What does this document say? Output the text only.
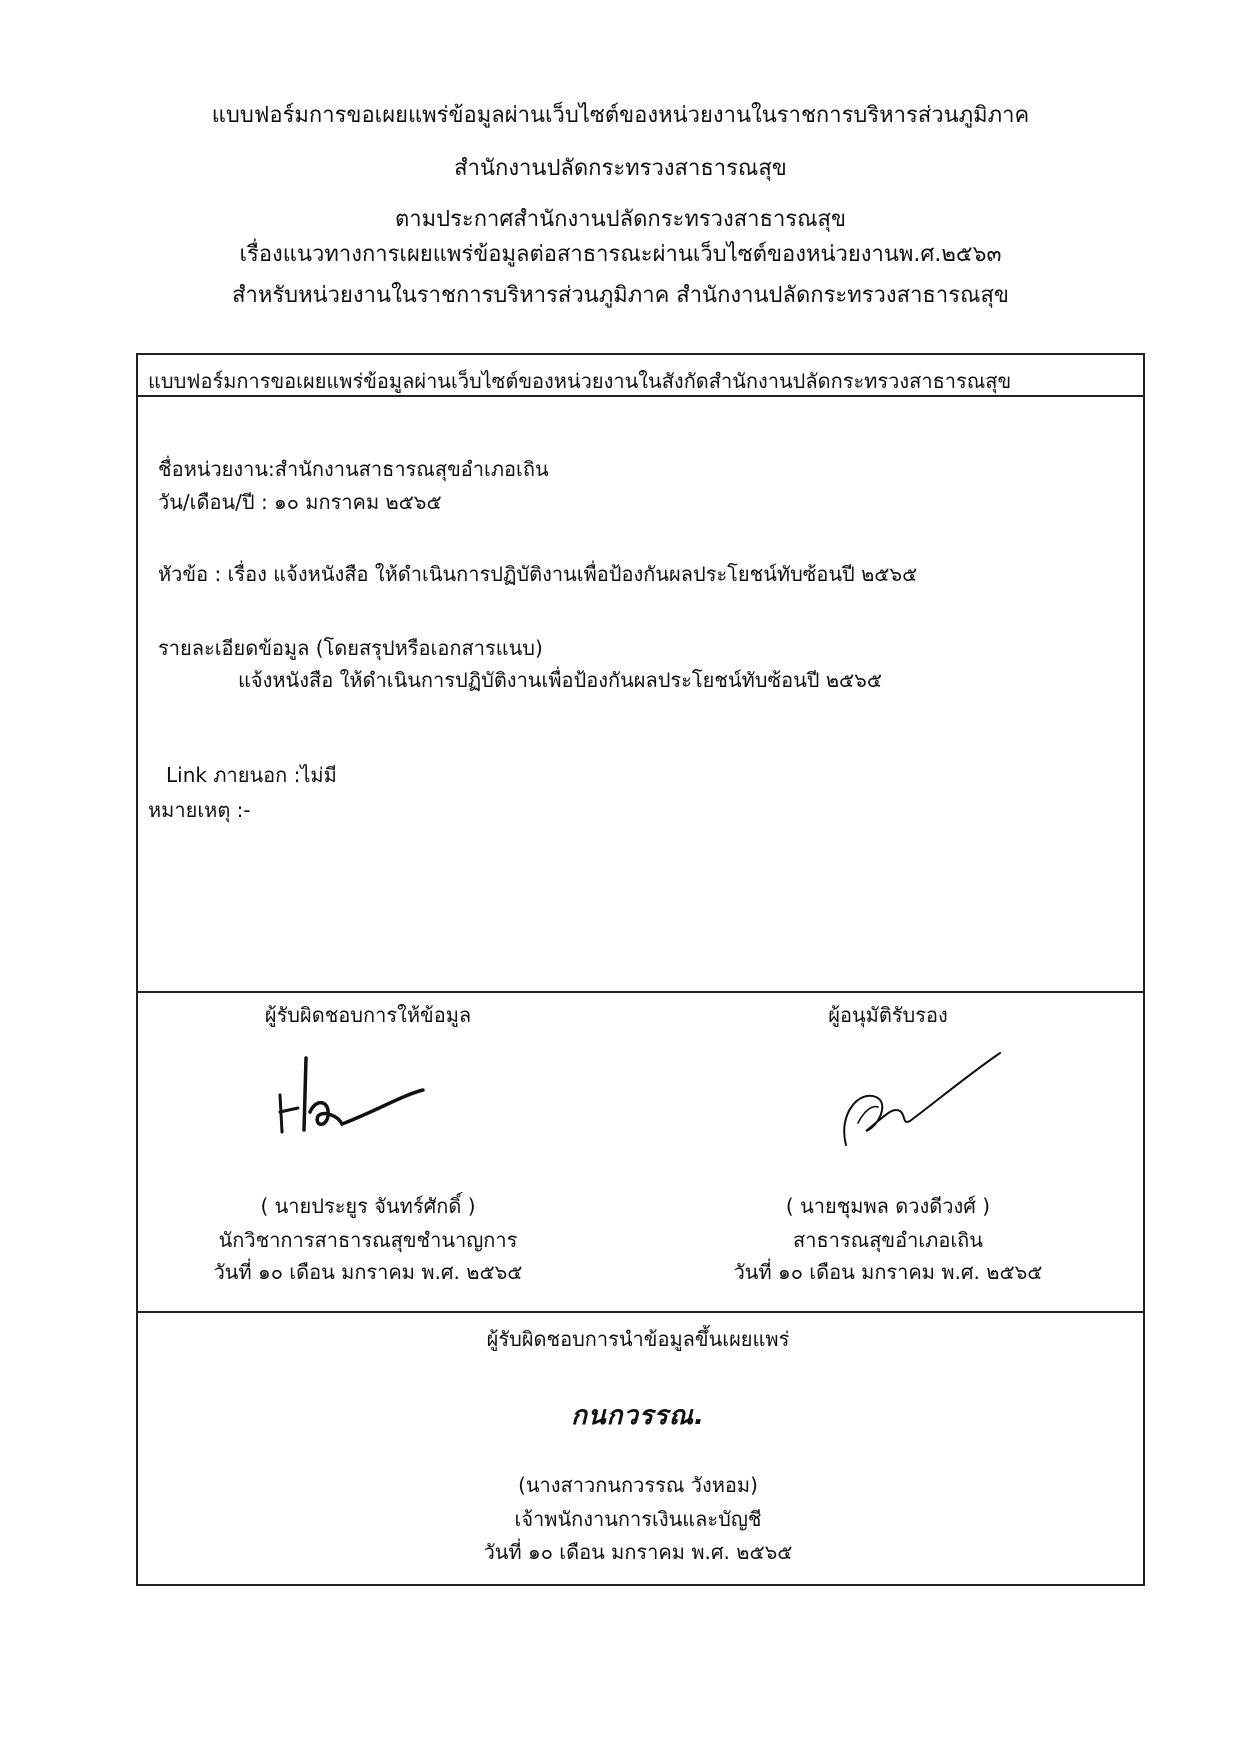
แบบฟอร์มการขอเผยแพร่ข้อมูลผ่านเว็บไซต์ของหน่วยงานในราชการบริหารส่วนภูมิภาค
สำนักงานปลัดกระทรวงสาธารณสุข
ตามประกาศสำนักงานปลัดกระทรวงสาธารณสุข
เรื่องแนวทางการเผยแพร่ข้อมูลต่อสาธารณะผ่านเว็บไซต์ของหน่วยงานพ.ศ.๒๕๖๓
สำหรับหน่วยงานในราชการบริหารส่วนภูมิภาค สำนักงานปลัดกระทรวงสาธารณสุข
แบบฟอร์มการขอเผยแพร่ข้อมูลผ่านเว็บไซต์ของหน่วยงานในสังกัดสำนักงานปลัดกระทรวงสาธารณสุข
ชื่อหน่วยงาน:สำนักงานสาธารณสุขอำเภอเถิน
วัน/เดือน/ปี : ๑๐ มกราคม ๒๕๖๕
หัวข้อ : เรื่อง แจ้งหนังสือ ให้ดำเนินการปฏิบัติงานเพื่อป้องกันผลประโยชน์ทับซ้อนปี ๒๕๖๕
รายละเอียดข้อมูล (โดยสรุปหรือเอกสารแนบ)
แจ้งหนังสือ ให้ดำเนินการปฏิบัติงานเพื่อป้องกันผลประโยชน์ทับซ้อนปี ๒๕๖๕
Link ภายนอก :ไม่มี
หมายเหตุ :-
ผู้รับผิดชอบการให้ข้อมูล
( นายประยูร จันทร์ศักดิ์ )
นักวิชาการสาธารณสุขชำนาญการ
วันที่ ๑๐ เดือน มกราคม พ.ศ. ๒๕๖๕
ผู้อนุมัติรับรอง
( นายชุมพล ดวงดีวงศ์ )
สาธารณสุขอำเภอเถิน
วันที่ ๑๐ เดือน มกราคม พ.ศ. ๒๕๖๕
ผู้รับผิดชอบการนำข้อมูลขึ้นเผยแพร่
กนกวรรณ.
(นางสาวกนกวรรณ วังหอม)
เจ้าพนักงานการเงินและบัญชี
วันที่ ๑๐ เดือน มกราคม พ.ศ. ๒๕๖๕
